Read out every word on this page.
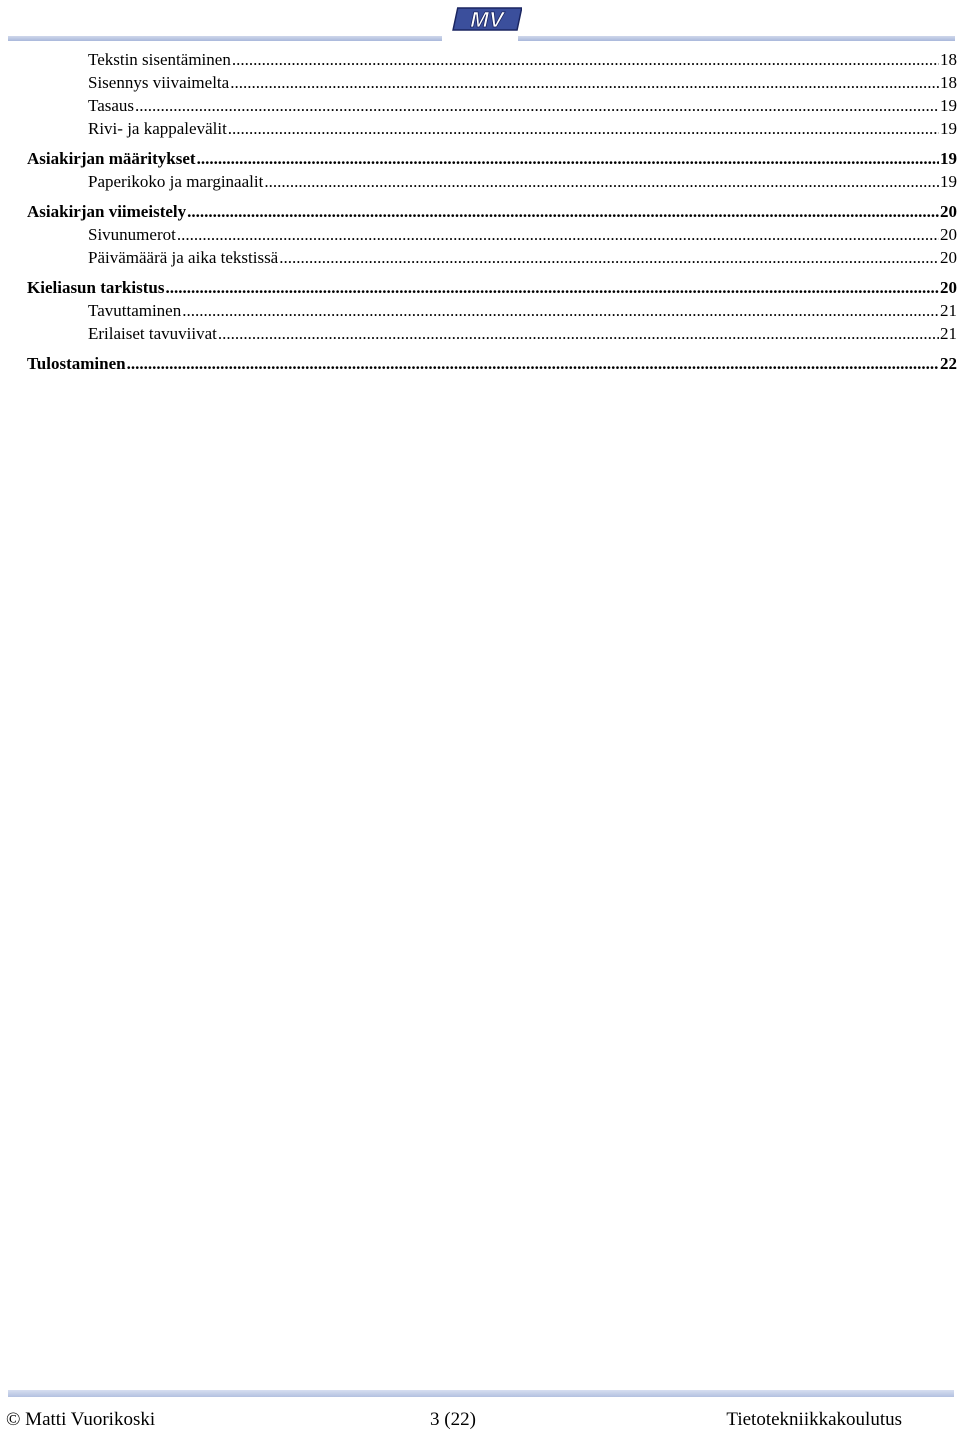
MV
Tekstin sisentäminen .....	18
Sisennys viivaimelta .....	18
Tasaus .....	19
Rivi- ja kappalevälit .....	19
Asiakirjan määritykset .....	19
Paperikoko ja marginaalit .....	19
Asiakirjan viimeistely .....	20
Sivunumerot .....	20
Päivämäärä ja aika tekstissä .....	20
Kieliasun tarkistus .....	20
Tavuttaminen .....	21
Erilaiset tavuviivat .....	21
Tulostaminen .....	22
© Matti Vuorikoski	3 (22)	Tietotekniikkakoulutus
